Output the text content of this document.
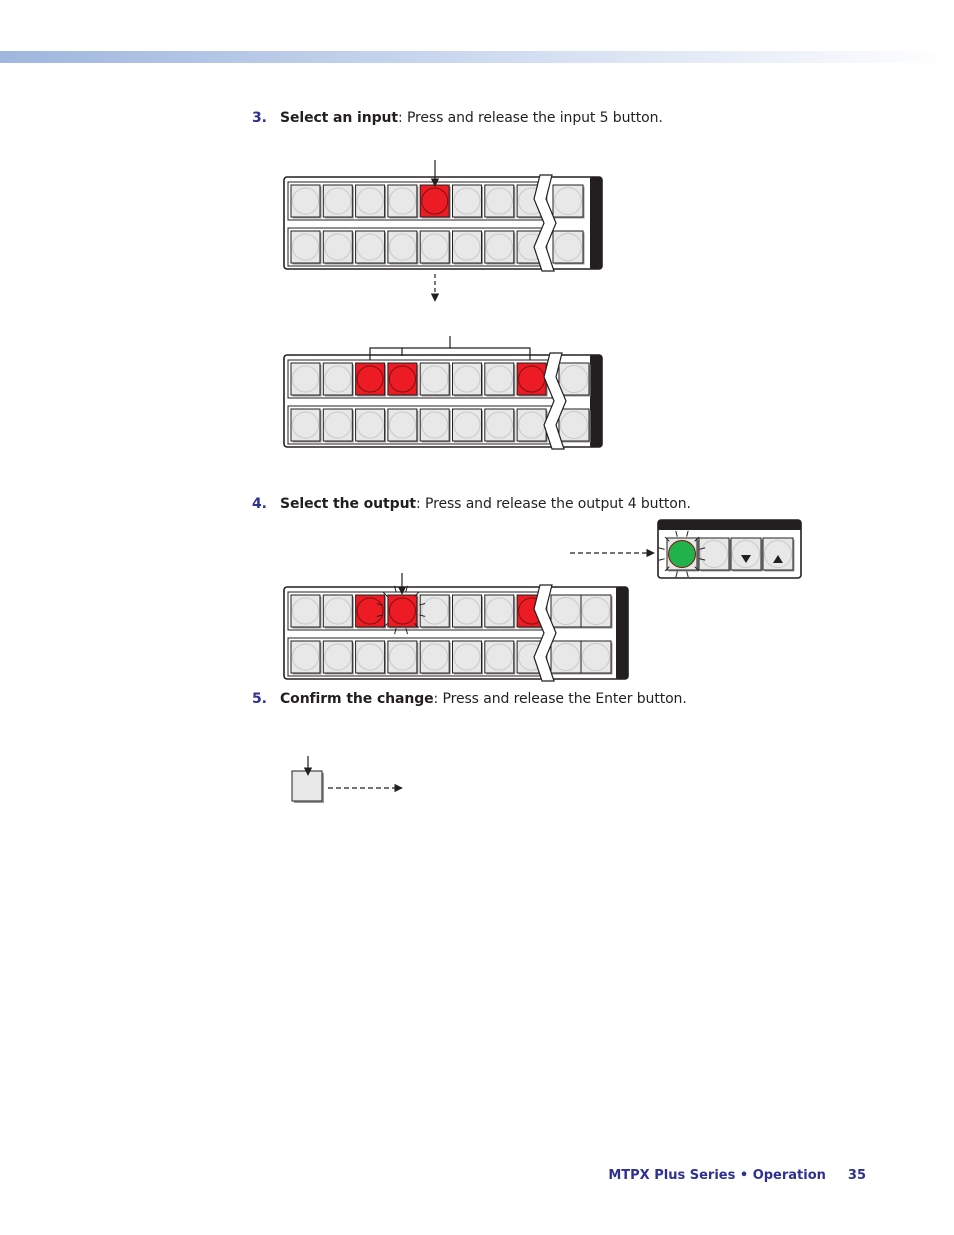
3. Select an input: Press and release the input 5 button.
4. Select the output: Press and release the output 4 button.
5. Confirm the change: Press and release the Enter button.
MTPX Plus Series • Operation 35
